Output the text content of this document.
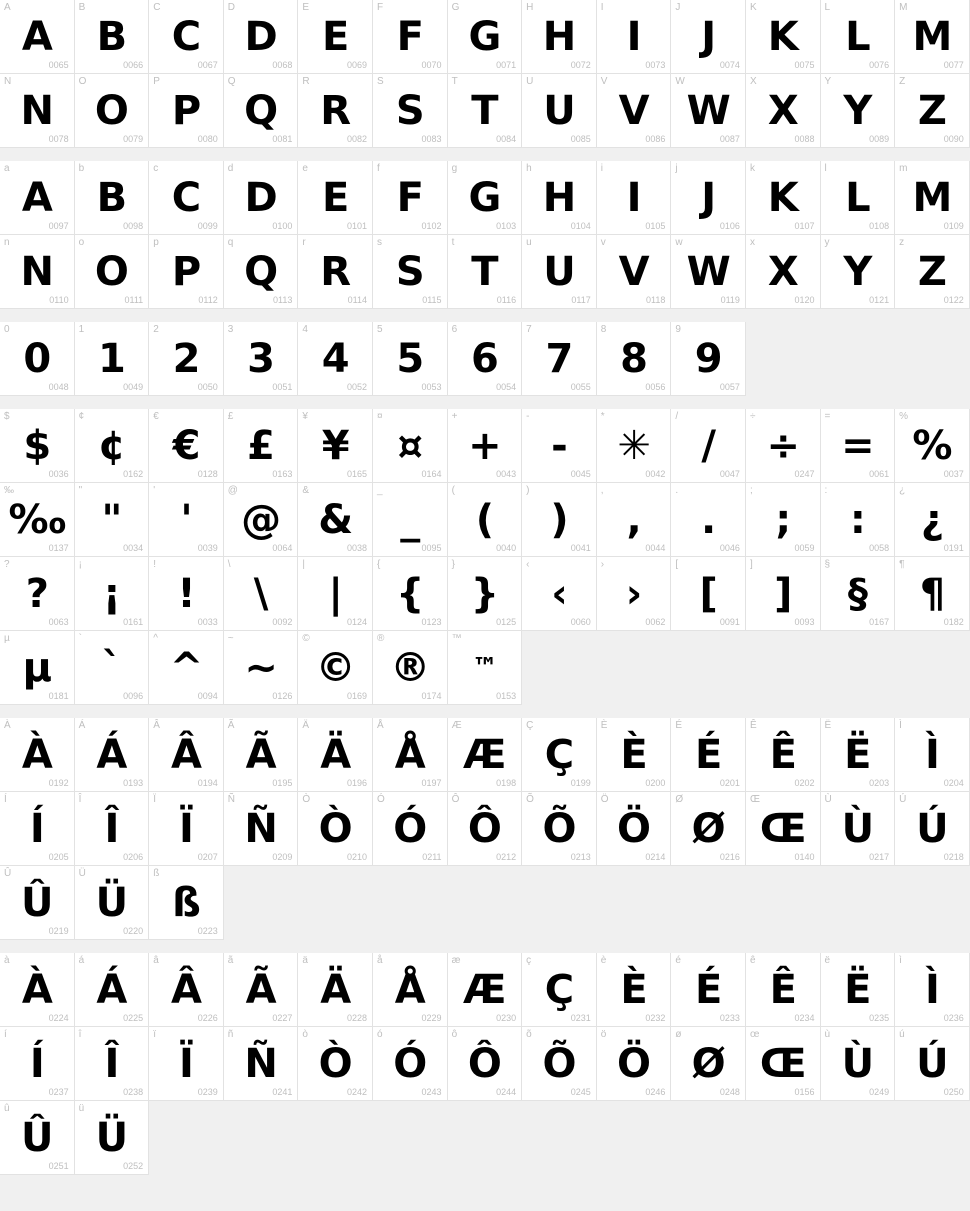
A
A
0065
B
B
0066
C
C
0067
D
D
0068
E
E
0069
F
F
0070
G
G
0071
H
H
0072
I
I
0073
J
J
0074
K
K
0075
L
L
0076
M
M
0077
N
N
0078
O
O
0079
P
P
0080
Q
Q
0081
R
R
0082
S
S
0083
T
T
0084
U
U
0085
V
V
0086
W
W
0087
X
X
0088
Y
Y
0089
Z
Z
0090
a
A
0097
b
B
0098
c
C
0099
d
D
0100
e
E
0101
f
F
0102
g
G
0103
h
H
0104
i
I
0105
j
J
0106
k
K
0107
l
L
0108
m
M
0109
n
N
0110
o
O
0111
p
P
0112
q
Q
0113
r
R
0114
s
S
0115
t
T
0116
u
U
0117
v
V
0118
w
W
0119
x
X
0120
y
Y
0121
z
Z
0122
0
0
0048
1
1
0049
2
2
0050
3
3
0051
4
4
0052
5
5
0053
6
6
0054
7
7
0055
8
8
0056
9
9
0057
$
$
0036
¢
¢
0162
€
€
0128
£
£
0163
¥
¥
0165
¤
¤
0164
+
+
0043
-
-
0045
*
✳
0042
/
/
0047
÷
÷
0247
=
=
0061
%
%
0037
‰
‰
0137
"
"
0034
'
'
0039
@
@
0064
&
&
0038
_
_
0095
(
(
0040
)
)
0041
,
,
0044
.
.
0046
;
;
0059
:
:
0058
¿
¿
0191
?
?
0063
¡
¡
0161
!
!
0033
\
\
0092
|
|
0124
{
{
0123
}
}
0125
‹
‹
0060
›
›
0062
[
[
0091
]
]
0093
§
§
0167
¶
¶
0182
µ
µ
0181
`
`
0096
^
^
0094
~
~
0126
©
©
0169
®
®
0174
™
™
0153
À
À
0192
Á
Á
0193
Â
Â
0194
Ã
Ã
0195
Ä
Ä
0196
Å
Å
0197
Æ
Æ
0198
Ç
Ç
0199
È
È
0200
É
É
0201
Ê
Ê
0202
Ë
Ë
0203
Ì
Ì
0204
Í
Í
0205
Î
Î
0206
Ï
Ï
0207
Ñ
Ñ
0209
Ò
Ò
0210
Ó
Ó
0211
Ô
Ô
0212
Õ
Õ
0213
Ö
Ö
0214
Ø
Ø
0216
Œ
Œ
0140
Ù
Ù
0217
Ú
Ú
0218
Û
Û
0219
Ü
Ü
0220
ß
ß
0223
à
À
0224
á
Á
0225
â
Â
0226
ã
Ã
0227
ä
Ä
0228
å
Å
0229
æ
Æ
0230
ç
Ç
0231
è
È
0232
é
É
0233
ê
Ê
0234
ë
Ë
0235
ì
Ì
0236
í
Í
0237
î
Î
0238
ï
Ï
0239
ñ
Ñ
0241
ò
Ò
0242
ó
Ó
0243
ô
Ô
0244
õ
Õ
0245
ö
Ö
0246
ø
Ø
0248
œ
Œ
0156
ù
Ù
0249
ú
Ú
0250
û
Û
0251
ü
Ü
0252
